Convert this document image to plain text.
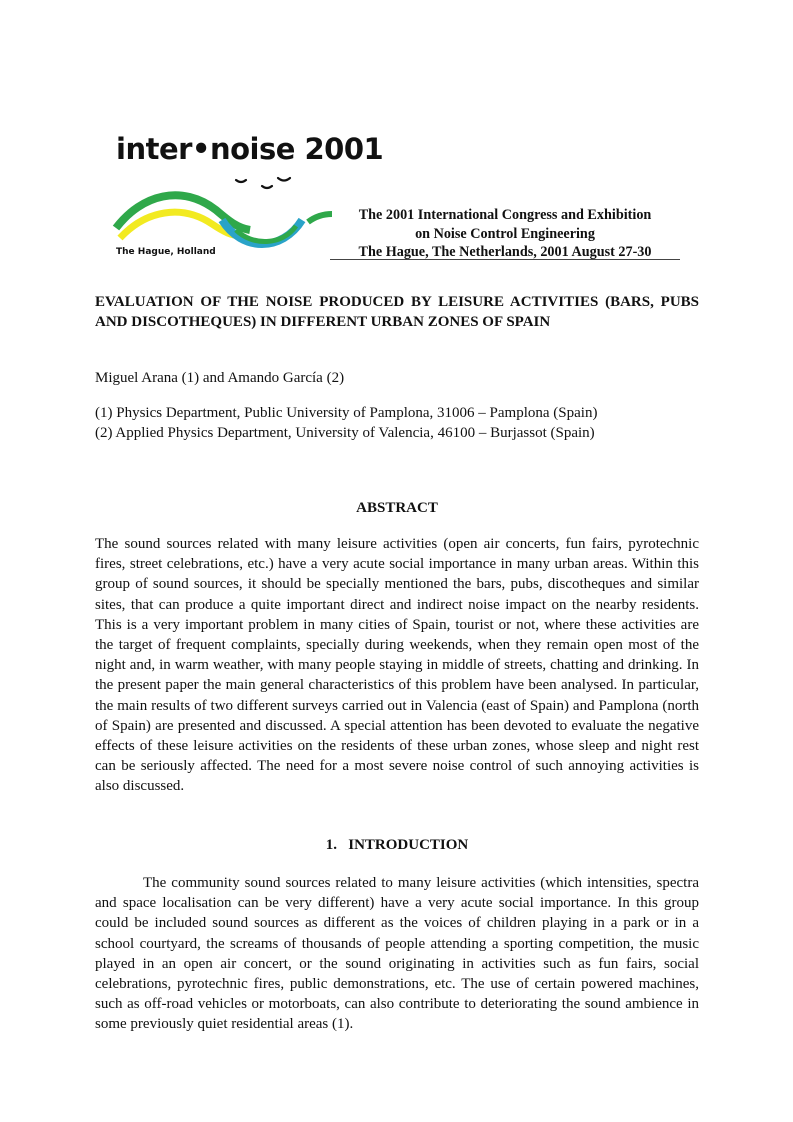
inter•noise 2001
The Hague, Holland
The 2001 International Congress and Exhibition
on Noise Control Engineering
The Hague, The Netherlands, 2001 August 27-30
EVALUATION OF THE NOISE PRODUCED BY LEISURE ACTIVITIES (BARS, PUBS AND DISCOTHEQUES) IN DIFFERENT URBAN ZONES OF SPAIN
Miguel Arana (1) and Amando García (2)
(1) Physics Department, Public University of Pamplona, 31006 – Pamplona (Spain)
(2) Applied Physics Department, University of Valencia, 46100 – Burjassot (Spain)
ABSTRACT
The sound sources related with many leisure activities (open air concerts, fun fairs, pyrotechnic fires, street celebrations, etc.) have a very acute social importance in many urban areas. Within this group of sound sources, it should be specially mentioned the bars, pubs, discotheques and similar sites, that can produce a quite important direct and indirect noise impact on the nearby residents. This is a very important problem in many cities of Spain, tourist or not, where these activities are the target of frequent complaints, specially during weekends, when they remain open most of the night and, in warm weather, with many people staying in middle of streets, chatting and drinking. In the present paper the main general characteristics of this problem have been analysed. In particular, the main results of two different surveys carried out in Valencia (east of Spain) and Pamplona (north of Spain) are presented and discussed. A special attention has been devoted to evaluate the negative effects of these leisure activities on the residents of these urban zones, whose sleep and night rest can be seriously affected. The need for a most severe noise control of such annoying activities is also discussed.
1.   INTRODUCTION
The community sound sources related to many leisure activities (which intensities, spectra and space localisation can be very different) have a very acute social importance. In this group could be included sound sources as different as the voices of children playing in a park or in a school courtyard, the screams of thousands of people attending a sporting competition, the music played in an open air concert, or the sound originating in activities such as fun fairs, social celebrations, pyrotechnic fires, public demonstrations, etc. The use of certain powered machines, such as off-road vehicles or motorboats, can also contribute to deteriorating the sound ambience in some previously quiet residential areas (1).
